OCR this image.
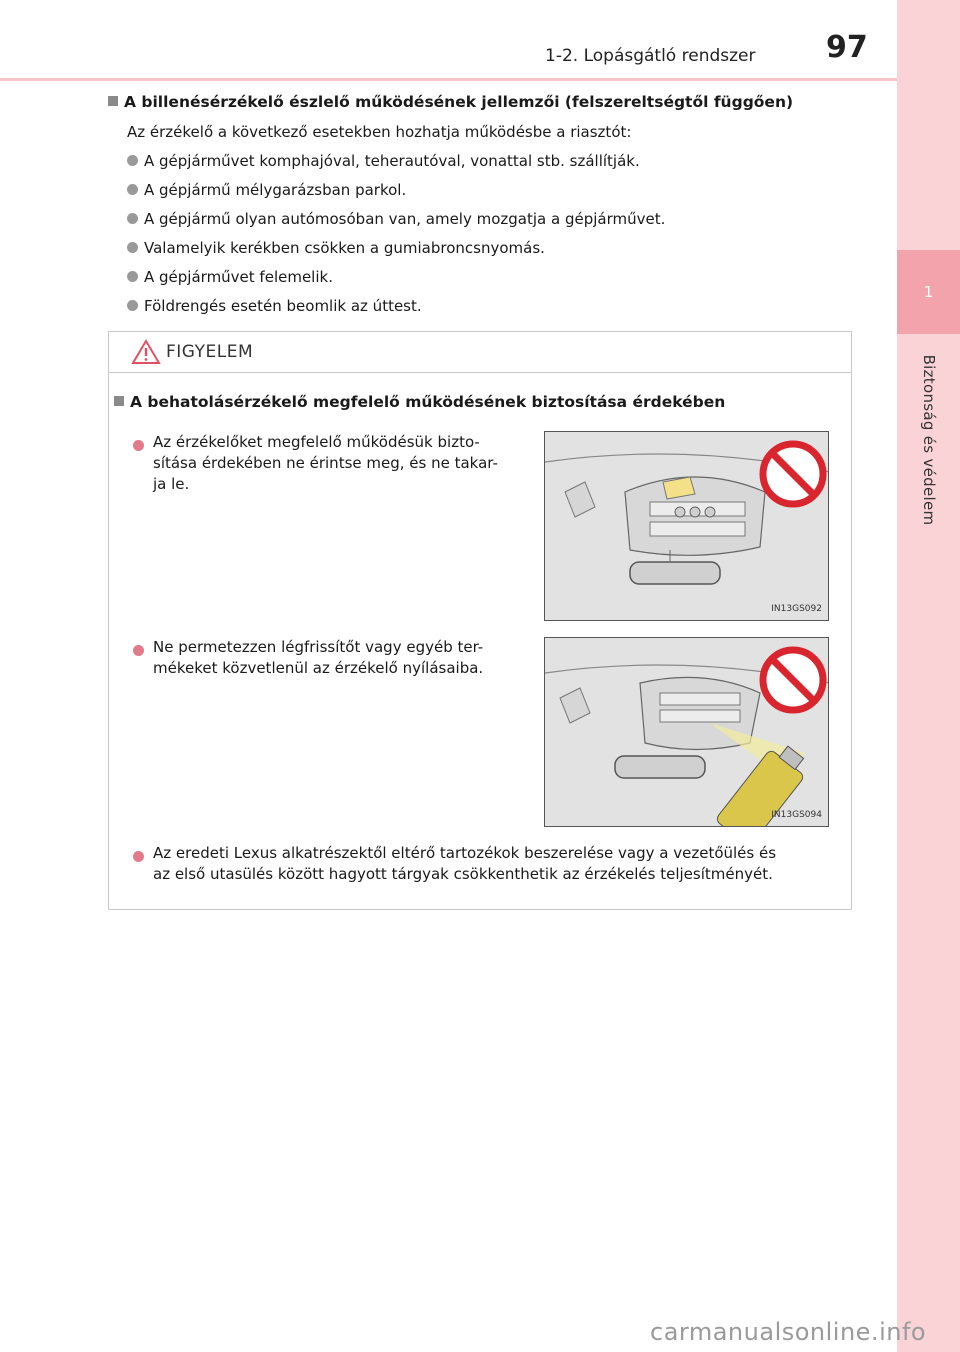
1
Biztonság és védelem
1-2. Lopásgátló rendszer 97
A billenésérzékelő észlelő működésének jellemzői (felszereltségtől függően)
Az érzékelő a következő esetekben hozhatja működésbe a riasztót:
A gépjárművet komphajóval, teherautóval, vonattal stb. szállítják.
A gépjármű mélygarázsban parkol.
A gépjármű olyan autómosóban van, amely mozgatja a gépjárművet.
Valamelyik kerékben csökken a gumiabroncsnyomás.
A gépjárművet felemelik.
Földrengés esetén beomlik az úttest.
FIGYELEM
A behatolásérzékelő megfelelő működésének biztosítása érdekében
Az érzékelőket megfelelő működésük bizto-
sítása érdekében ne érintse meg, és ne takar-
ja le.
IN13GS092
Ne permetezzen légfrissítőt vagy egyéb ter-
mékeket közvetlenül az érzékelő nyílásaiba.
IN13GS094
Az eredeti Lexus alkatrészektől eltérő tartozékok beszerelése vagy a vezetőülés és
az első utasülés között hagyott tárgyak csökkenthetik az érzékelés teljesítményét.
carmanualsonline.info
